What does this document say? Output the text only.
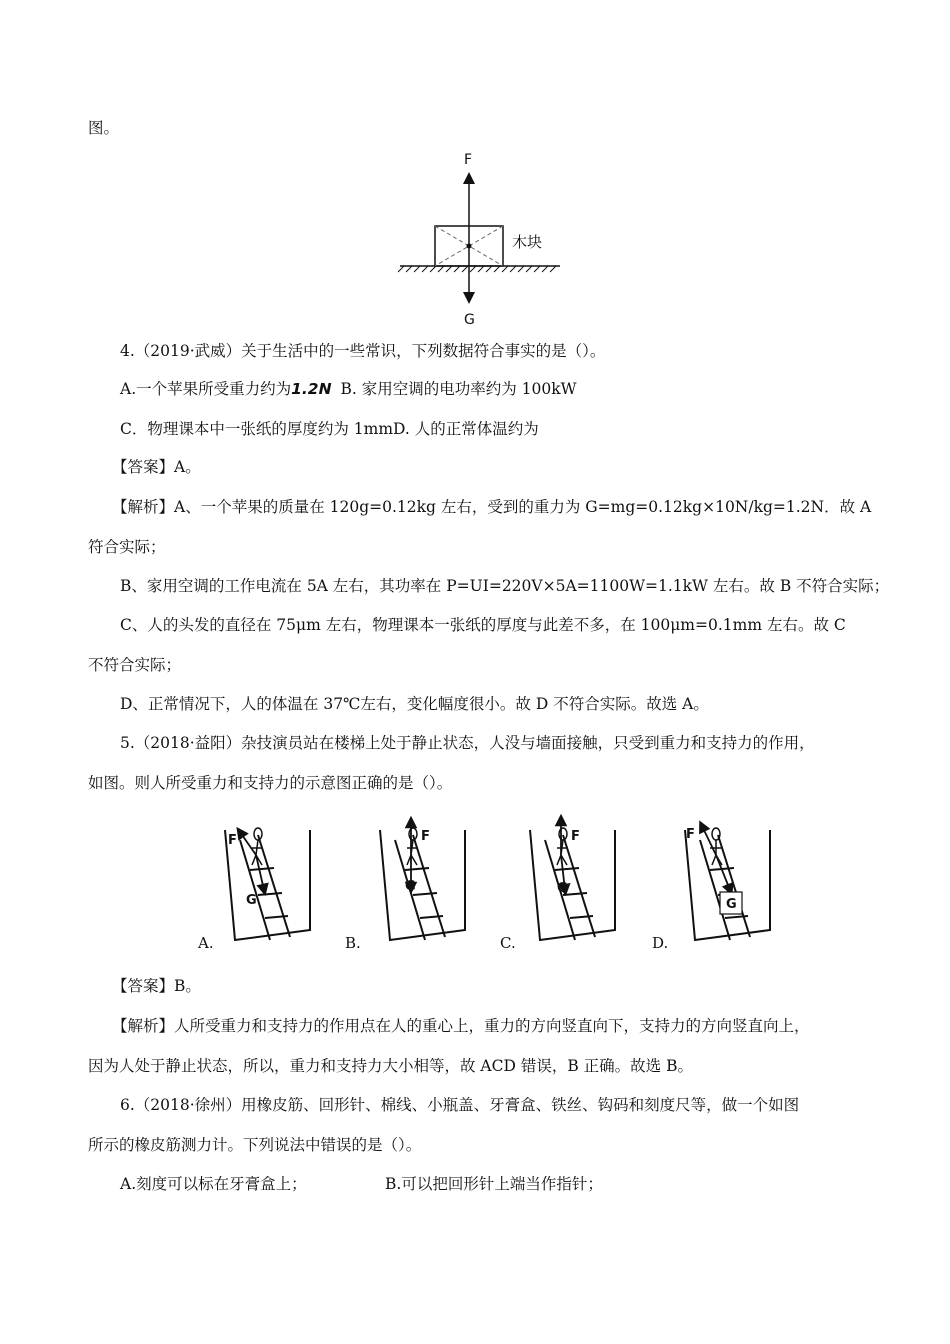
图。
F
G
木块
4.（2019·武威）关于生活中的一些常识，下列数据符合事实的是（）。
A.一个苹果所受重力约为1.2N B. 家用空调的电功率约为 100kW
C．物理课本中一张纸的厚度约为 1mmD. 人的正常体温约为
【答案】A。
【解析】A、一个苹果的质量在 120g=0.12kg 左右，受到的重力为 G=mg=0.12kg×10N/kg=1.2N．故 A
符合实际；
B、家用空调的工作电流在 5A 左右，其功率在 P=UI=220V×5A=1100W=1.1kW 左右。故 B 不符合实际；
C、人的头发的直径在 75μm 左右，物理课本一张纸的厚度与此差不多，在 100μm=0.1mm 左右。故 C
不符合实际；
D、正常情况下，人的体温在 37℃左右，变化幅度很小。故 D 不符合实际。故选 A。
5.（2018·益阳）杂技演员站在楼梯上处于静止状态，人没与墙面接触，只受到重力和支持力的作用，
如图。则人所受重力和支持力的示意图正确的是（）。
F
G
F
G
F
G
F
G
A.	B.	C.	D.
【答案】B。
【解析】人所受重力和支持力的作用点在人的重心上，重力的方向竖直向下，支持力的方向竖直向上，
因为人处于静止状态，所以，重力和支持力大小相等，故 ACD 错误，B 正确。故选 B。
6.（2018·徐州）用橡皮筋、回形针、棉线、小瓶盖、牙膏盒、铁丝、钩码和刻度尺等，做一个如图
所示的橡皮筋测力计。下列说法中错误的是（）。
A.刻度可以标在牙膏盒上；	B.可以把回形针上端当作指针；
